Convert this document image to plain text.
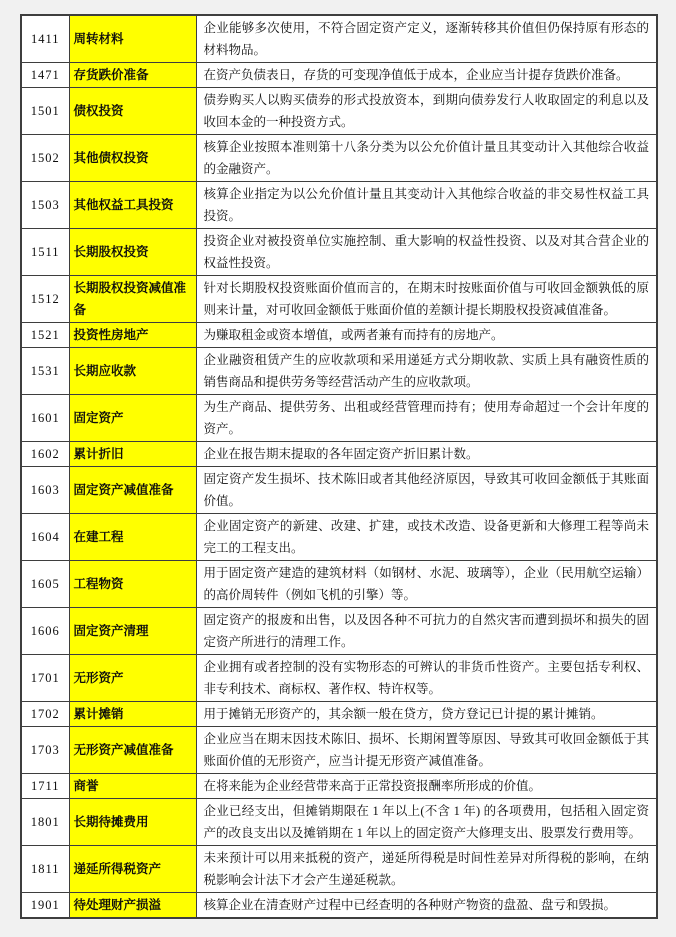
1411	周转材料	企业能够多次使用，不符合固定资产定义，逐渐转移其价值但仍保持原有形态的材料物品。
1471	存货跌价准备	在资产负债表日，存货的可变现净值低于成本，企业应当计提存货跌价准备。
1501	债权投资	债券购买人以购买债券的形式投放资本，到期向债券发行人收取固定的利息以及收回本金的一种投资方式。
1502	其他债权投资	核算企业按照本准则第十八条分类为以公允价值计量且其变动计入其他综合收益的金融资产。
1503	其他权益工具投资	核算企业指定为以公允价值计量且其变动计入其他综合收益的非交易性权益工具投资。
1511	长期股权投资	投资企业对被投资单位实施控制、重大影响的权益性投资、以及对其合营企业的权益性投资。
1512	长期股权投资减值准备	针对长期股权投资账面价值而言的，在期末时按账面价值与可收回金额孰低的原则来计量，对可收回金额低于账面价值的差额计提长期股权投资减值准备。
1521	投资性房地产	为赚取租金或资本增值，或两者兼有而持有的房地产。
1531	长期应收款	企业融资租赁产生的应收款项和采用递延方式分期收款、实质上具有融资性质的销售商品和提供劳务等经营活动产生的应收款项。
1601	固定资产	为生产商品、提供劳务、出租或经营管理而持有；使用寿命超过一个会计年度的资产。
1602	累计折旧	企业在报告期末提取的各年固定资产折旧累计数。
1603	固定资产减值准备	固定资产发生损坏、技术陈旧或者其他经济原因，导致其可收回金额低于其账面价值。
1604	在建工程	企业固定资产的新建、改建、扩建，或技术改造、设备更新和大修理工程等尚未完工的工程支出。
1605	工程物资	用于固定资产建造的建筑材料（如钢材、水泥、玻璃等），企业（民用航空运输）的高价周转件（例如飞机的引擎）等。
1606	固定资产清理	固定资产的报废和出售，以及因各种不可抗力的自然灾害而遭到损坏和损失的固定资产所进行的清理工作。
1701	无形资产	企业拥有或者控制的没有实物形态的可辨认的非货币性资产。主要包括专利权、非专利技术、商标权、著作权、特许权等。
1702	累计摊销	用于摊销无形资产的，其余额一般在贷方，贷方登记已计提的累计摊销。
1703	无形资产减值准备	企业应当在期末因技术陈旧、损坏、长期闲置等原因、导致其可收回金额低于其账面价值的无形资产，应当计提无形资产减值准备。
1711	商誉	在将来能为企业经营带来高于正常投资报酬率所形成的价值。
1801	长期待摊费用	企业已经支出，但摊销期限在 1 年以上(不含 1 年) 的各项费用，包括租入固定资产的改良支出以及摊销期在 1 年以上的固定资产大修理支出、股票发行费用等。
1811	递延所得税资产	未来预计可以用来抵税的资产，递延所得税是时间性差异对所得税的影响，在纳税影响会计法下才会产生递延税款。
1901	待处理财产损溢	核算企业在清查财产过程中已经查明的各种财产物资的盘盈、盘亏和毁损。
